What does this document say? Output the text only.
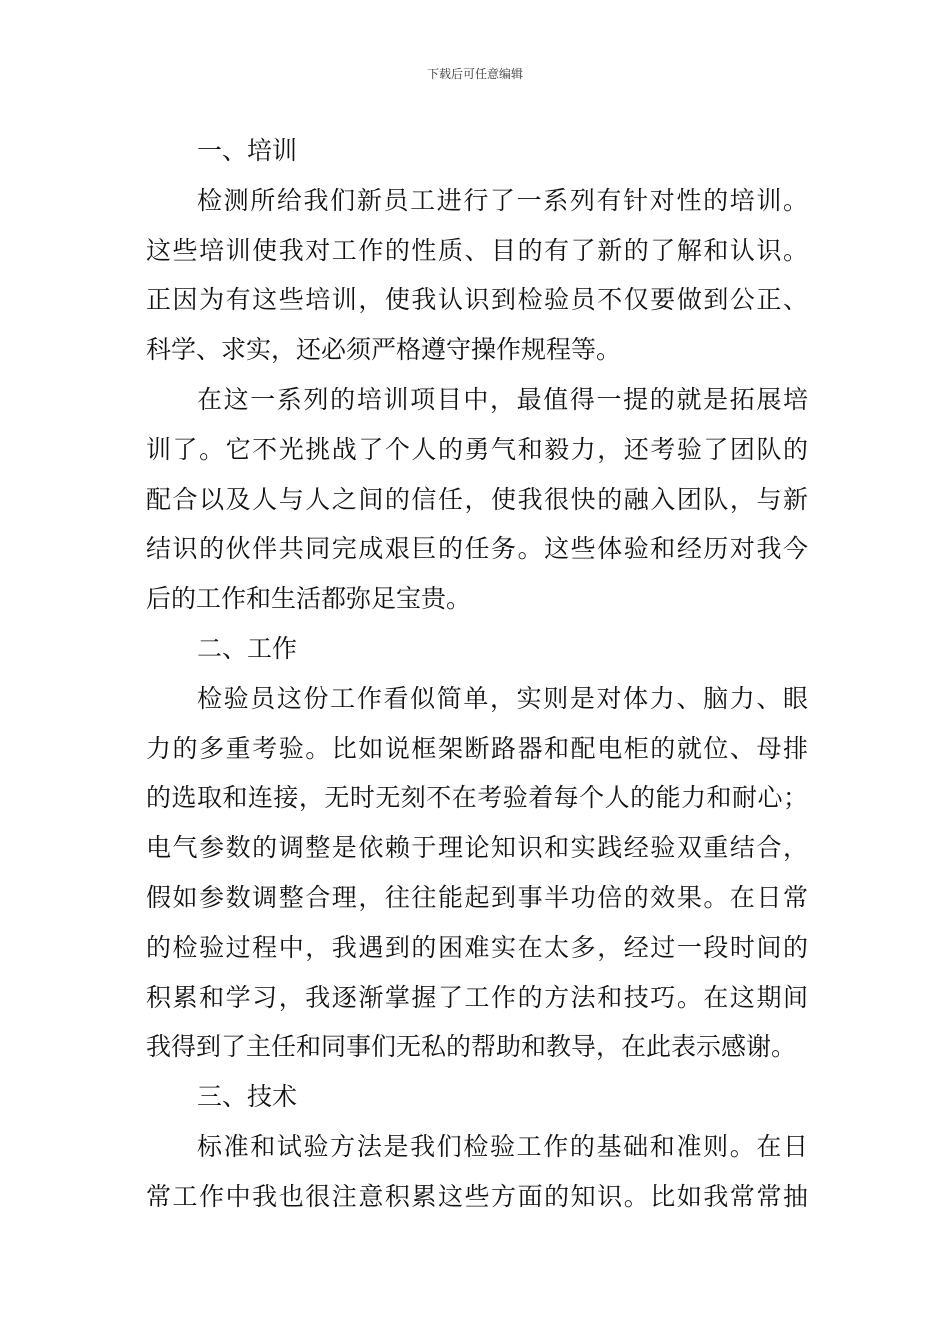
下载后可任意编辑
一、培训
检测所给我们新员工进行了一系列有针对性的培训。
这些培训使我对工作的性质、目的有了新的了解和认识。
正因为有这些培训，使我认识到检验员不仅要做到公正、
科学、求实，还必须严格遵守操作规程等。
在这一系列的培训项目中，最值得一提的就是拓展培
训了。它不光挑战了个人的勇气和毅力，还考验了团队的
配合以及人与人之间的信任，使我很快的融入团队，与新
结识的伙伴共同完成艰巨的任务。这些体验和经历对我今
后的工作和生活都弥足宝贵。
二、工作
检验员这份工作看似简单，实则是对体力、脑力、眼
力的多重考验。比如说框架断路器和配电柜的就位、母排
的选取和连接，无时无刻不在考验着每个人的能力和耐心；
电气参数的调整是依赖于理论知识和实践经验双重结合，
假如参数调整合理，往往能起到事半功倍的效果。在日常
的检验过程中，我遇到的困难实在太多，经过一段时间的
积累和学习，我逐渐掌握了工作的方法和技巧。在这期间
我得到了主任和同事们无私的帮助和教导，在此表示感谢。
三、技术
标准和试验方法是我们检验工作的基础和准则。在日
常工作中我也很注意积累这些方面的知识。比如我常常抽
